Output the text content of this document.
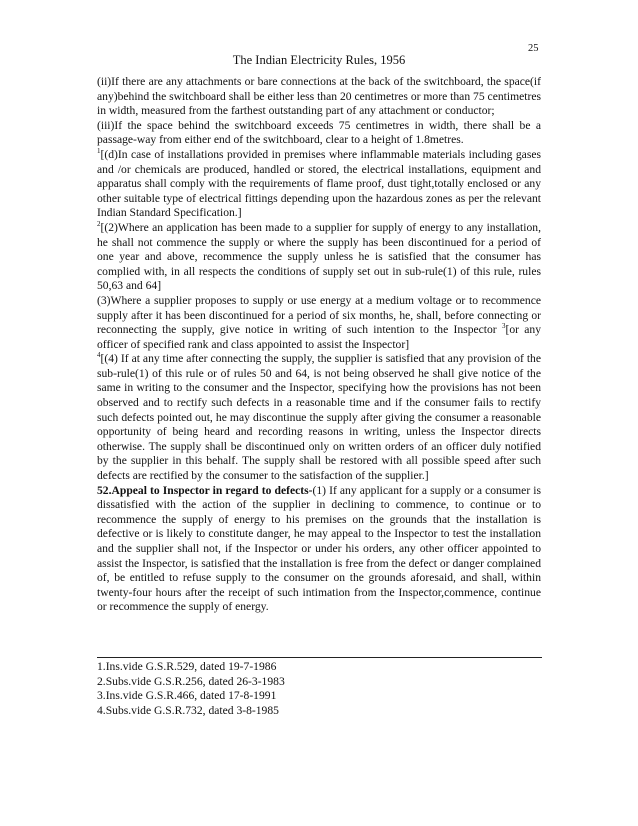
25
The Indian Electricity Rules, 1956

(ii)If there are any attachments or bare connections at the back of the switchboard, the space(if any)behind the switchboard shall be either less than 20 centimetres or more than 75 centimetres in width, measured from the farthest outstanding part of any attachment or conductor;

(iii)If the space behind the switchboard exceeds 75 centimetres in width, there shall be a passage-way from either end of the switchboard, clear to a height of 1.8metres.

$^1$[(d)In case of installations provided in premises where inflammable materials including gases and /or chemicals are produced, handled or stored, the electrical installations, equipment and apparatus shall comply with the requirements of flame proof, dust tight,totally enclosed or any other suitable type of electrical fittings depending upon the hazardous zones as per the relevant Indian Standard Specification.]

$^2$[(2)Where an application has been made to a supplier for supply of energy to any installation, he shall not commence the supply or where the supply has been discontinued for a period of one year and above, recommence the supply unless he is satisfied that the consumer has complied with, in all respects the conditions of supply set out in sub-rule(1) of this rule, rules 50,63 and 64]

(3)Where a supplier proposes to supply or use energy at a medium voltage or to recommence supply after it has been discontinued for a period of six months, he, shall, before connecting or reconnecting the supply, give notice in writing of such intention to the Inspector $^3$[or any officer of specified rank and class appointed to assist the Inspector]

$^4$[(4) If at any time after connecting the supply, the supplier is satisfied that any provision of the sub-rule(1) of this rule or of rules 50 and 64, is not being observed he shall give notice of the same in writing to the consumer and the Inspector, specifying how the provisions has not been observed and to rectify such defects in a reasonable time and if the consumer fails to rectify such defects pointed out, he may discontinue the supply after giving the consumer a reasonable opportunity of being heard and recording reasons in writing, unless the Inspector directs otherwise. The supply shall be discontinued only on written orders of an officer duly notified by the supplier in this behalf. The supply shall be restored with all possible speed after such defects are rectified by the consumer to the satisfaction of the supplier.]

52.Appeal to Inspector in regard to defects-(1) If any applicant for a supply or a consumer is dissatisfied with the action of the supplier in declining to commence, to continue or to recommence the supply of energy to his premises on the grounds that the installation is defective or is likely to constitute danger, he may appeal to the Inspector to test the installation and the supplier shall not, if the Inspector or under his orders, any other officer appointed to assist the Inspector, is satisfied that the installation is free from the defect or danger complained of, be entitled to refuse supply to the consumer on the grounds aforesaid, and shall, within twenty-four hours after the receipt of such intimation from the Inspector,commence, continue or recommence the supply of energy.

1.Ins.vide G.S.R.529, dated 19-7-1986
2.Subs.vide G.S.R.256, dated 26-3-1983
3.Ins.vide G.S.R.466, dated 17-8-1991
4.Subs.vide G.S.R.732, dated 3-8-1985
